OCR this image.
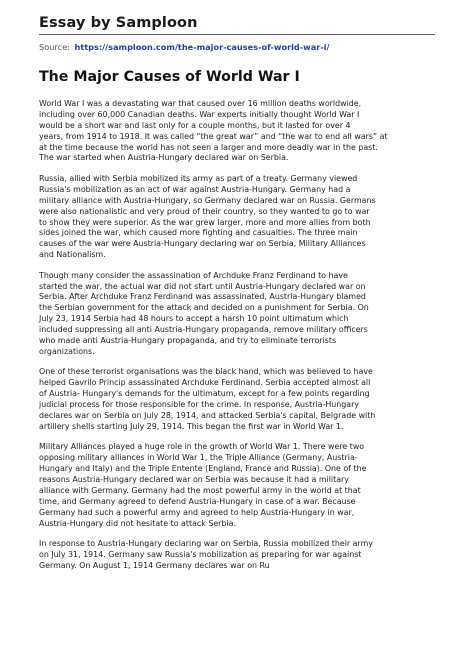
Essay by Samploon
Source: https://samploon.com/the-major-causes-of-world-war-i/
The Major Causes of World War I
World War I was a devastating war that caused over 16 million deaths worldwide,
including over 60,000 Canadian deaths. War experts initially thought World War I
would be a short war and last only for a couple months, but it lasted for over 4
years, from 1914 to 1918. It was called “the great war” and “the war to end all wars” at
at the time because the world has not seen a larger and more deadly war in the past.
The war started when Austria-Hungary declared war on Serbia.
Russia, allied with Serbia mobilized its army as part of a treaty. Germany viewed
Russia's mobilization as an act of war against Austria-Hungary. Germany had a
military alliance with Austria-Hungary, so Germany declared war on Russia. Germans
were also nationalistic and very proud of their country, so they wanted to go to war
to show they were superior. As the war grew larger, more and more allies from both
sides joined the war, which caused more fighting and casualties. The three main
causes of the war were Austria-Hungary declaring war on Serbia, Military Alliances
and Nationalism.
Though many consider the assassination of Archduke Franz Ferdinand to have
started the war, the actual war did not start until Austria-Hungary declared war on
Serbia. After Archduke Franz Ferdinand was assassinated, Austria-Hungary blamed
the Serbian government for the attack and decided on a punishment for Serbia. On
July 23, 1914 Serbia had 48 hours to accept a harsh 10 point ultimatum which
included suppressing all anti Austria-Hungary propaganda, remove military officers
who made anti Austria-Hungary propaganda, and try to eliminate terrorists
organizations.
One of these terrorist organisations was the black hand, which was believed to have
helped Gavrilo Princip assassinated Archduke Ferdinand. Serbia accepted almost all
of Austria- Hungary's demands for the ultimatum, except for a few points regarding
judicial process for those responsible for the crime. In response, Austria-Hungary
declares war on Serbia on July 28, 1914, and attacked Serbia's capital, Belgrade with
artillery shells starting July 29, 1914. This began the first war in World War 1.
Military Alliances played a huge role in the growth of World War 1. There were two
opposing military alliances in World War 1, the Triple Alliance (Germany, Austria-
Hungary and Italy) and the Triple Entente (England, France and Russia). One of the
reasons Austria-Hungary declared war on Serbia was because it had a military
alliance with Germany. Germany had the most powerful army in the world at that
time, and Germany agreed to defend Austria-Hungary in case of a war. Because
Germany had such a powerful army and agreed to help Austria-Hungary in war,
Austria-Hungary did not hesitate to attack Serbia.
In response to Austria-Hungary declaring war on Serbia, Russia mobilized their army
on July 31, 1914. Germany saw Russia's mobilization as preparing for war against
Germany. On August 1, 1914 Germany declares war on Ru
